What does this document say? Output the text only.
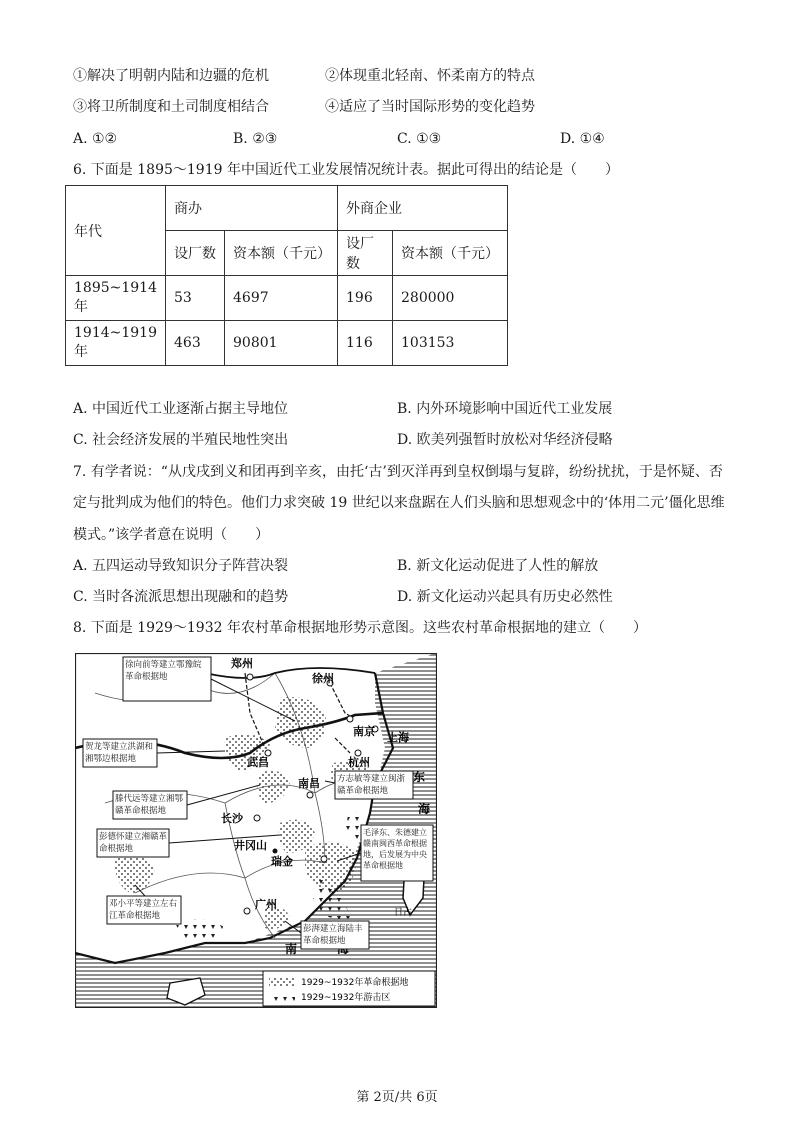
①解决了明朝内陆和边疆的危机	②体现重北轻南、怀柔南方的特点
③将卫所制度和土司制度相结合	④适应了当时国际形势的变化趋势
A. ①②	B. ②③	C. ①③	D. ①④
6. 下面是 1895～1919 年中国近代工业发展情况统计表。据此可得出的结论是（　　）
年代	商办		外商企业	
	设厂数	资本额（千元）	设厂数	资本额（千元）
1895~1914 年	53	4697	196	280000
1914~1919 年	463	90801	116	103153
A. 中国近代工业逐渐占据主导地位	B. 内外环境影响中国近代工业发展
C. 社会经济发展的半殖民地性突出	D. 欧美列强暂时放松对华经济侵略
7. 有学者说：“从戊戌到义和团再到辛亥，由托‘古’到灭洋再到皇权倒塌与复辟，纷纷扰扰，于是怀疑、否
定与批判成为他们的特色。他们力求突破 19 世纪以来盘踞在人们头脑和思想观念中的‘体用二元’僵化思维
模式。”该学者意在说明（　　）
A. 五四运动导致知识分子阵营决裂	B. 新文化运动促进了人性的解放
C. 当时各流派思想出现融和的趋势	D. 新文化运动兴起具有历史必然性
8. 下面是 1929～1932 年农村革命根据地形势示意图。这些农村革命根据地的建立（　　）
郑州
徐州
南京 上海
杭州
武昌
南昌
长沙
井冈山
瑞金
广州
日占
东
海
南
徐向前等建立鄂豫皖革命根据地
贺龙等建立洪湖和湘鄂边根据地
滕代远等建立湘鄂赣革命根据地
彭德怀建立湘赣革命根据地
方志敏等建立闽浙赣革命根据地
毛泽东、朱德建立赣南闽西革命根据地，后发展为中央革命根据地
邓小平等建立左右江革命根据地
彭湃建立海陆丰革命根据地
1929~1932年革命根据地
1929~1932年游击区
第 2页/共 6页
